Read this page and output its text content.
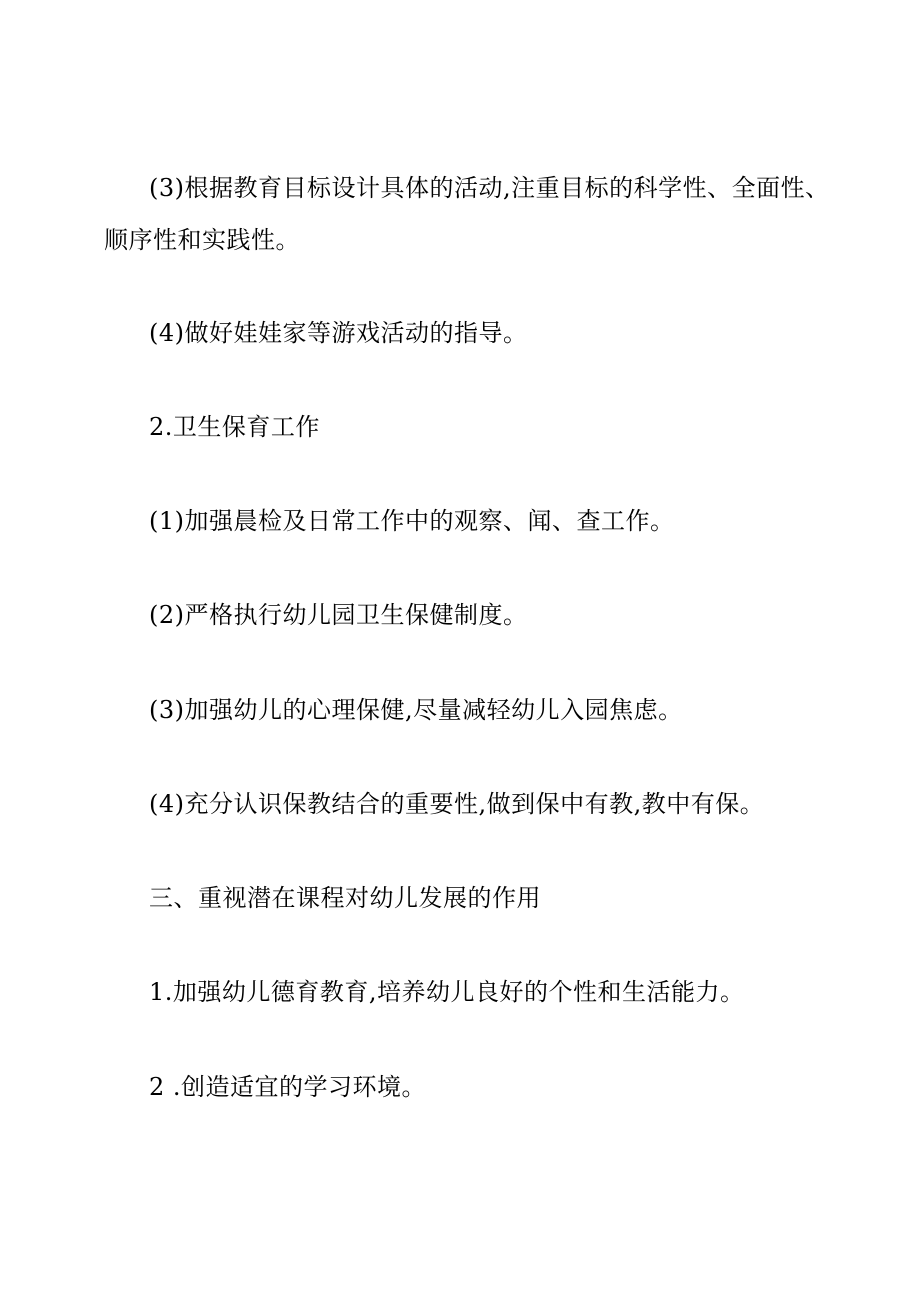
(3)根据教育目标设计具体的活动,注重目标的科学性、全面性、

顺序性和实践性。

(4)做好娃娃家等游戏活动的指导。

2.卫生保育工作

(1)加强晨检及日常工作中的观察、闻、查工作。

(2)严格执行幼儿园卫生保健制度。

(3)加强幼儿的心理保健,尽量减轻幼儿入园焦虑。

(4)充分认识保教结合的重要性,做到保中有教,教中有保。

三、重视潜在课程对幼儿发展的作用

1.加强幼儿德育教育,培养幼儿良好的个性和生活能力。

2 .创造适宜的学习环境。
